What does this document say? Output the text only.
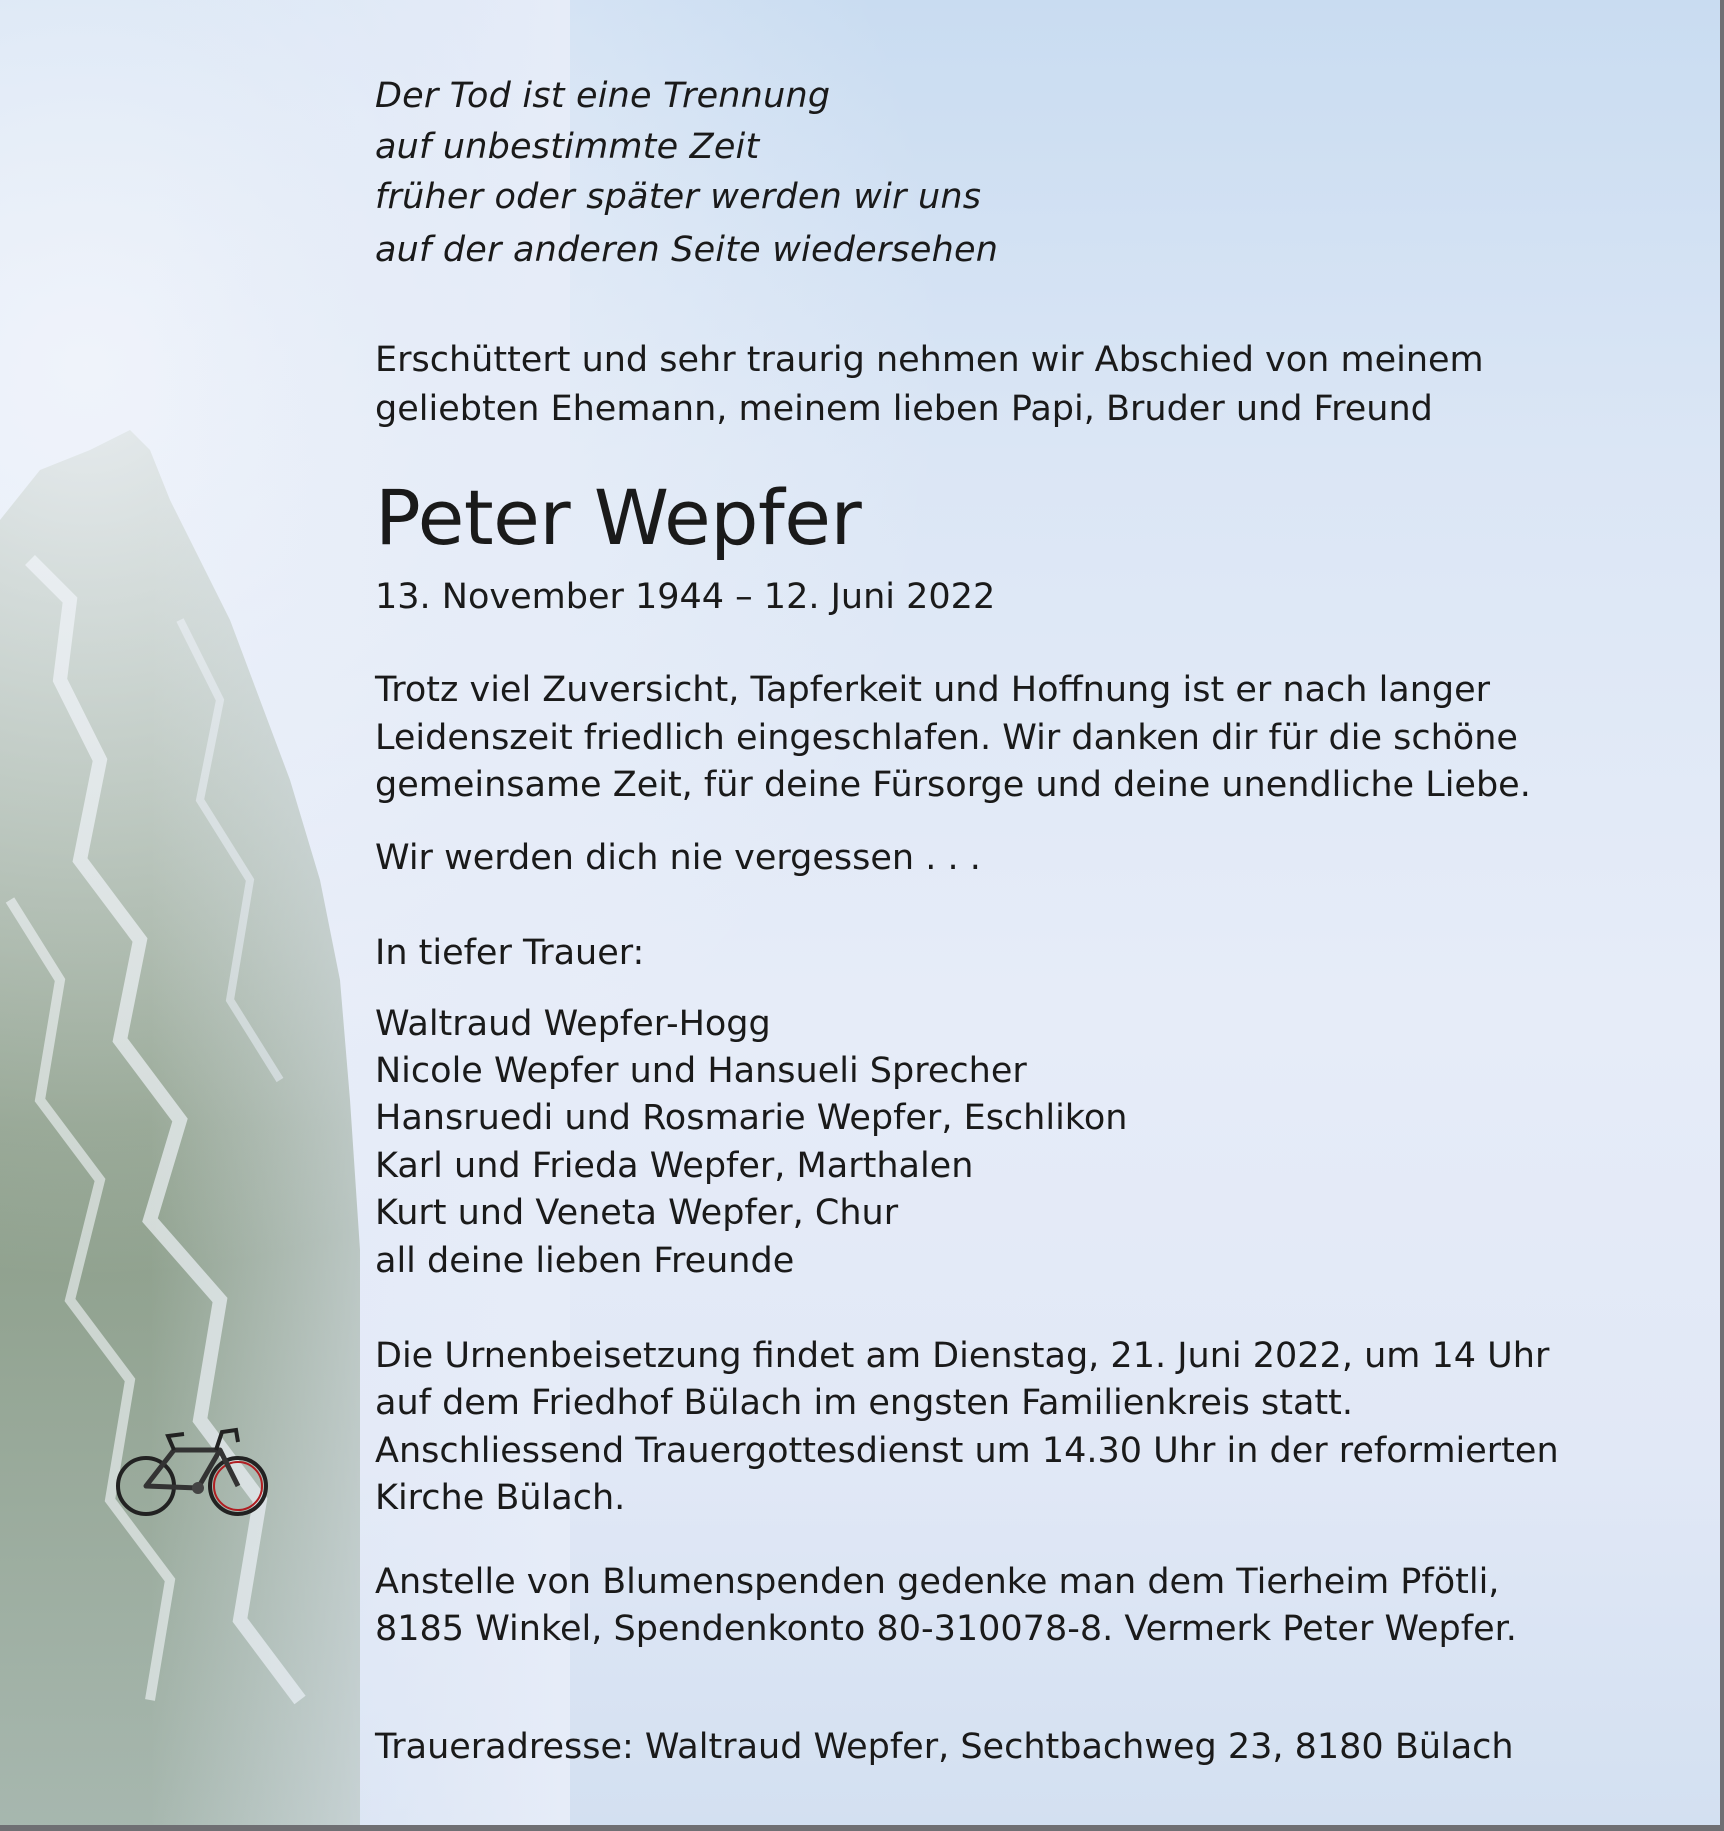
Der Tod ist eine Trennung

auf unbestimmte Zeit

früher oder später werden wir uns

auf der anderen Seite wiedersehen

Erschüttert und sehr traurig nehmen wir Abschied von meinem

geliebten Ehemann, meinem lieben Papi, Bruder und Freund

Peter Wepfer

13. November 1944 – 12. Juni 2022

Trotz viel Zuversicht, Tapferkeit und Hoffnung ist er nach langer

Leidenszeit friedlich eingeschlafen. Wir danken dir für die schöne

gemeinsame Zeit, für deine Fürsorge und deine unendliche Liebe.

Wir werden dich nie vergessen . . .

In tiefer Trauer:

Waltraud Wepfer-Hogg

Nicole Wepfer und Hansueli Sprecher

Hansruedi und Rosmarie Wepfer, Eschlikon

Karl und Frieda Wepfer, Marthalen

Kurt und Veneta Wepfer, Chur

all deine lieben Freunde

Die Urnenbeisetzung findet am Dienstag, 21. Juni 2022, um 14 Uhr

auf dem Friedhof Bülach im engsten Familienkreis statt.

Anschliessend Trauergottesdienst um 14.30 Uhr in der reformierten

Kirche Bülach.

Anstelle von Blumenspenden gedenke man dem Tierheim Pfötli,

8185 Winkel, Spendenkonto 80-310078-8. Vermerk Peter Wepfer.

Traueradresse: Waltraud Wepfer, Sechtbachweg 23, 8180 Bülach
